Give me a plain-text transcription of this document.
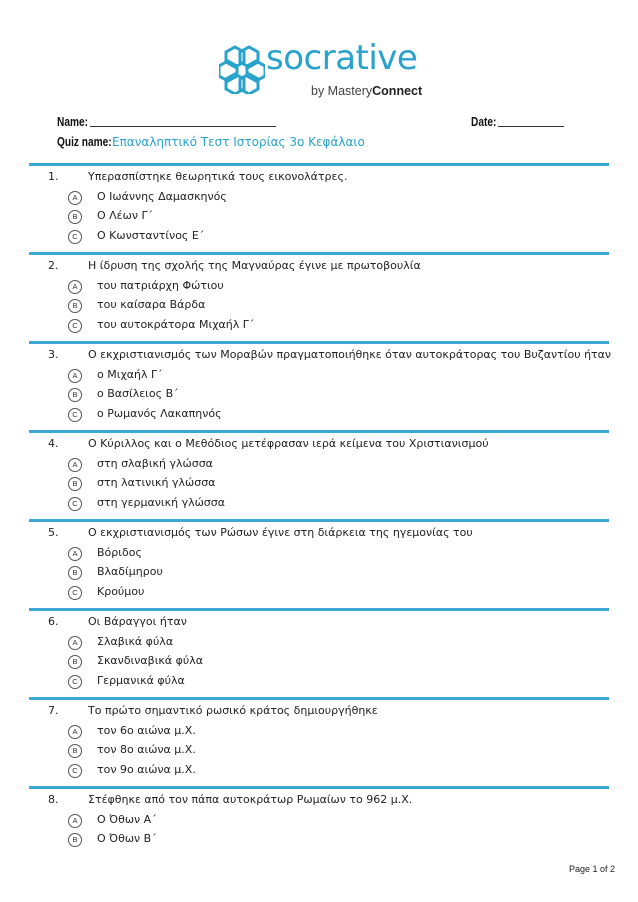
socrative
by MasteryConnect
Name:	Date:
Quiz name: Επαναληπτικό Τεστ Ιστορίας 3ο Κεφάλαιο
1.	Υπερασπίστηκε θεωρητικά τους εικονολάτρες.
A	Ο Ιωάννης Δαμασκηνός
B	Ο Λέων Γ΄
C	Ο Κωνσταντίνος Ε΄
2.	Η ίδρυση της σχολής της Μαγναύρας έγινε με πρωτοβουλία
A	του πατριάρχη Φώτιου
B	του καίσαρα Βάρδα
C	του αυτοκράτορα Μιχαήλ Γ΄
3.	Ο εκχριστιανισμός των Μοραβών πραγματοποιήθηκε όταν αυτοκράτορας του Βυζαντίου ήταν
A	ο Μιχαήλ Γ΄
B	ο Βασίλειος Β΄
C	ο Ρωμανός Λακαπηνός
4.	Ο Κύριλλος και ο Μεθόδιος μετέφρασαν ιερά κείμενα του Χριστιανισμού
A	στη σλαβική γλώσσα
B	στη λατινική γλώσσα
C	στη γερμανική γλώσσα
5.	Ο εκχριστιανισμός των Ρώσων έγινε στη διάρκεια της ηγεμονίας του
A	Βόριδος
B	Βλαδίμηρου
C	Κρούμου
6.	Οι Βάραγγοι ήταν
A	Σλαβικά φύλα
B	Σκανδιναβικά φύλα
C	Γερμανικά φύλα
7.	Το πρώτο σημαντικό ρωσικό κράτος δημιουργήθηκε
A	τον 6ο αιώνα μ.Χ.
B	τον 8ο αιώνα μ.Χ.
C	τον 9ο αιώνα μ.Χ.
8.	Στέφθηκε από τον πάπα αυτοκράτωρ Ρωμαίων το 962 μ.Χ.
A	Ο Όθων Α΄
B	Ο Όθων Β΄
Page 1 of 2
